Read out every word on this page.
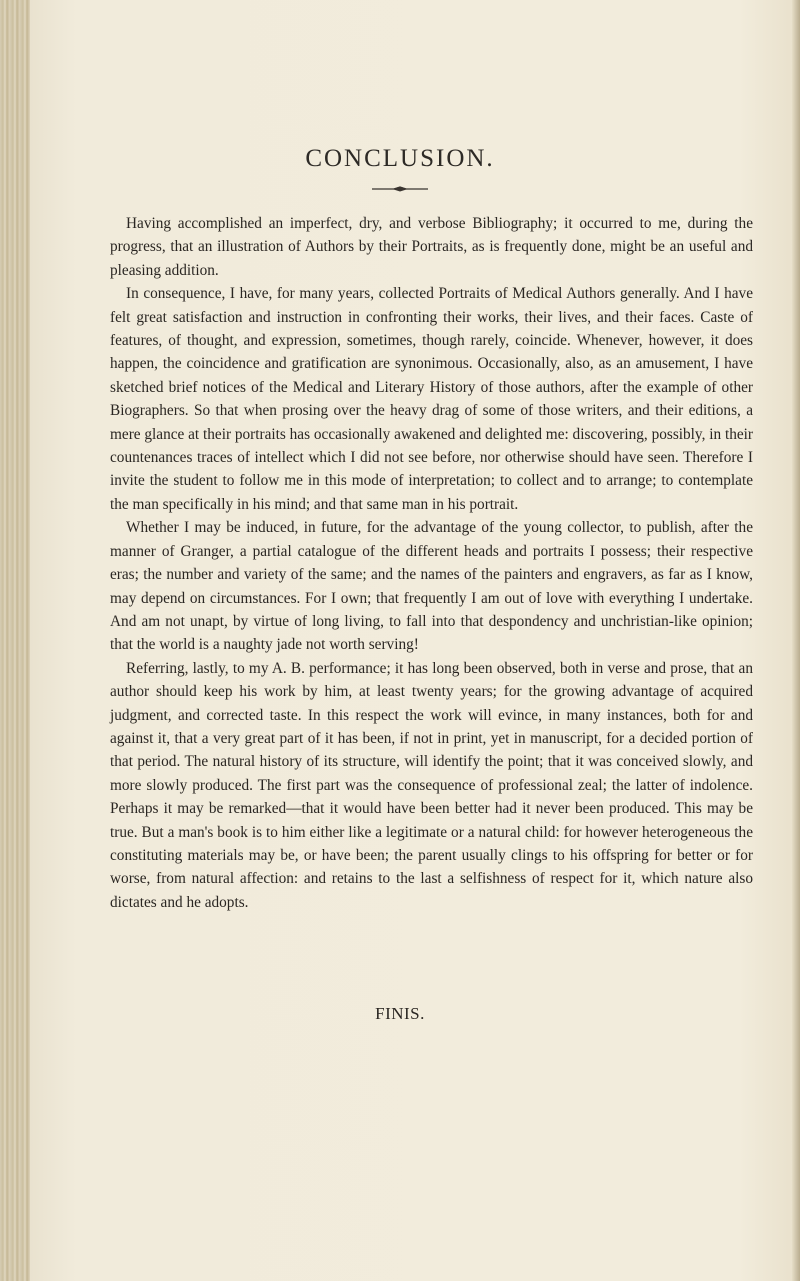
CONCLUSION.

Having accomplished an imperfect, dry, and verbose Bibliography; it occurred to me, during the progress, that an illustration of Authors by their Portraits, as is frequently done, might be an useful and pleasing addition.

In consequence, I have, for many years, collected Portraits of Medical Authors generally. And I have felt great satisfaction and instruction in confronting their works, their lives, and their faces. Caste of features, of thought, and expression, sometimes, though rarely, coincide. Whenever, however, it does happen, the coincidence and gratification are synonimous. Occasionally, also, as an amusement, I have sketched brief notices of the Medical and Literary History of those authors, after the example of other Biographers. So that when prosing over the heavy drag of some of those writers, and their editions, a mere glance at their portraits has occasionally awakened and delighted me: discovering, possibly, in their countenances traces of intellect which I did not see before, nor otherwise should have seen. Therefore I invite the student to follow me in this mode of interpretation; to collect and to arrange; to contemplate the man specifically in his mind; and that same man in his portrait.

Whether I may be induced, in future, for the advantage of the young collector, to publish, after the manner of Granger, a partial catalogue of the different heads and portraits I possess; their respective eras; the number and variety of the same; and the names of the painters and engravers, as far as I know, may depend on circumstances. For I own; that frequently I am out of love with everything I undertake. And am not unapt, by virtue of long living, to fall into that despondency and unchristian-like opinion; that the world is a naughty jade not worth serving!

Referring, lastly, to my A. B. performance; it has long been observed, both in verse and prose, that an author should keep his work by him, at least twenty years; for the growing advantage of acquired judgment, and corrected taste. In this respect the work will evince, in many instances, both for and against it, that a very great part of it has been, if not in print, yet in manuscript, for a decided portion of that period. The natural history of its structure, will identify the point; that it was conceived slowly, and more slowly produced. The first part was the consequence of professional zeal; the latter of indolence. Perhaps it may be remarked—that it would have been better had it never been produced. This may be true. But a man's book is to him either like a legitimate or a natural child: for however heterogeneous the constituting materials may be, or have been; the parent usually clings to his offspring for better or for worse, from natural affection: and retains to the last a selfishness of respect for it, which nature also dictates and he adopts.

FINIS.
